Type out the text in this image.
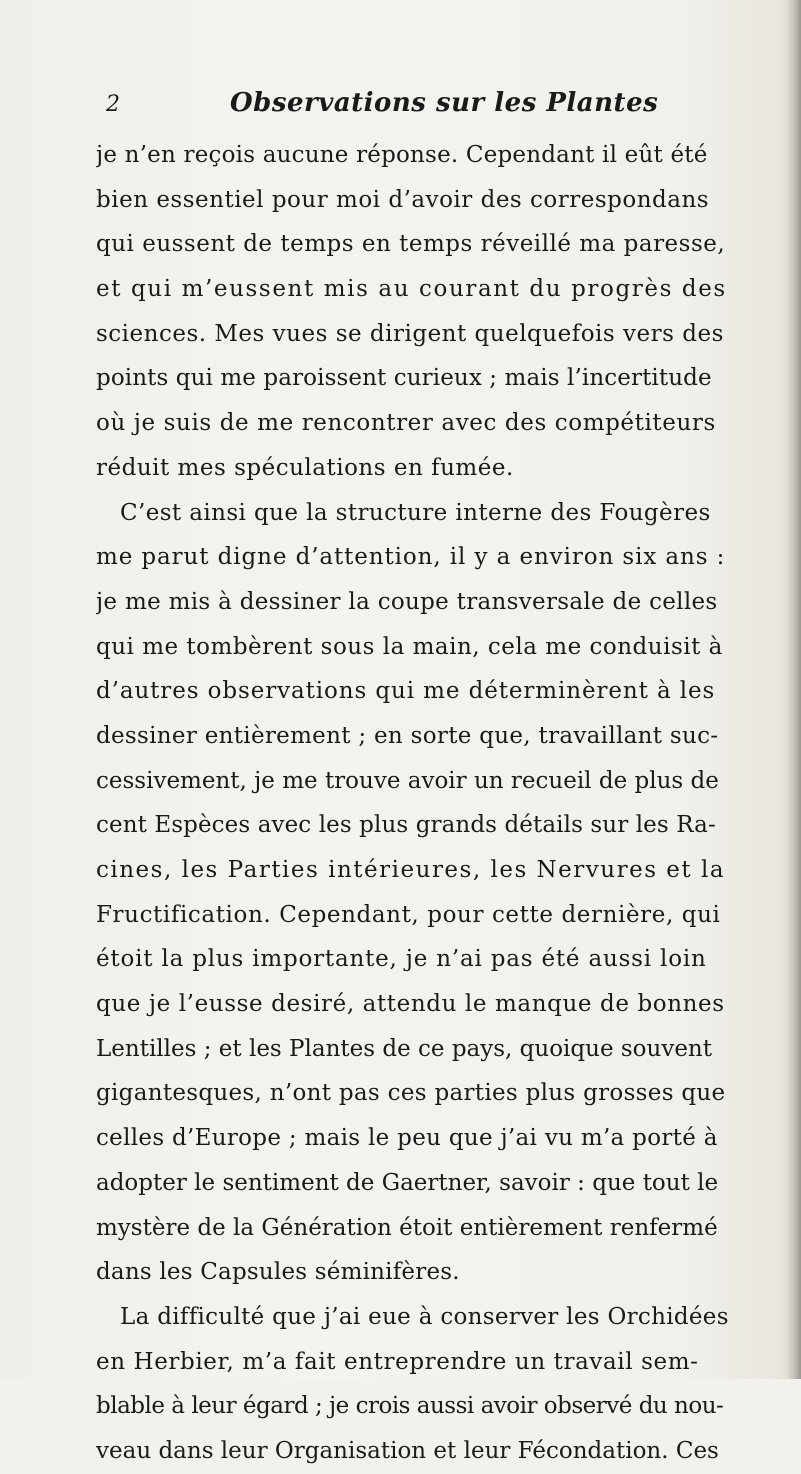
2	Observations sur les Plantes
je n’en reçois aucune réponse. Cependant il eût été
bien essentiel pour moi d’avoir des correspondans
qui eussent de temps en temps réveillé ma paresse,
et qui m’eussent mis au courant du progrès des
sciences. Mes vues se dirigent quelquefois vers des
points qui me paroissent curieux ; mais l’incertitude
où je suis de me rencontrer avec des compétiteurs
réduit mes spéculations en fumée.
C’est ainsi que la structure interne des Fougères
me parut digne d’attention, il y a environ six ans :
je me mis à dessiner la coupe transversale de celles
qui me tombèrent sous la main, cela me conduisit à
d’autres observations qui me déterminèrent à les
dessiner entièrement ; en sorte que, travaillant suc-
cessivement, je me trouve avoir un recueil de plus de
cent Espèces avec les plus grands détails sur les Ra-
cines, les Parties intérieures, les Nervures et la
Fructification. Cependant, pour cette dernière, qui
étoit la plus importante, je n’ai pas été aussi loin
que je l’eusse desiré, attendu le manque de bonnes
Lentilles ; et les Plantes de ce pays, quoique souvent
gigantesques, n’ont pas ces parties plus grosses que
celles d’Europe ; mais le peu que j’ai vu m’a porté à
adopter le sentiment de Gaertner, savoir : que tout le
mystère de la Génération étoit entièrement renfermé
dans les Capsules séminifères.
La difficulté que j’ai eue à conserver les Orchidées
en Herbier, m’a fait entreprendre un travail sem-
blable à leur égard ; je crois aussi avoir observé du nou-
veau dans leur Organisation et leur Fécondation. Ces
